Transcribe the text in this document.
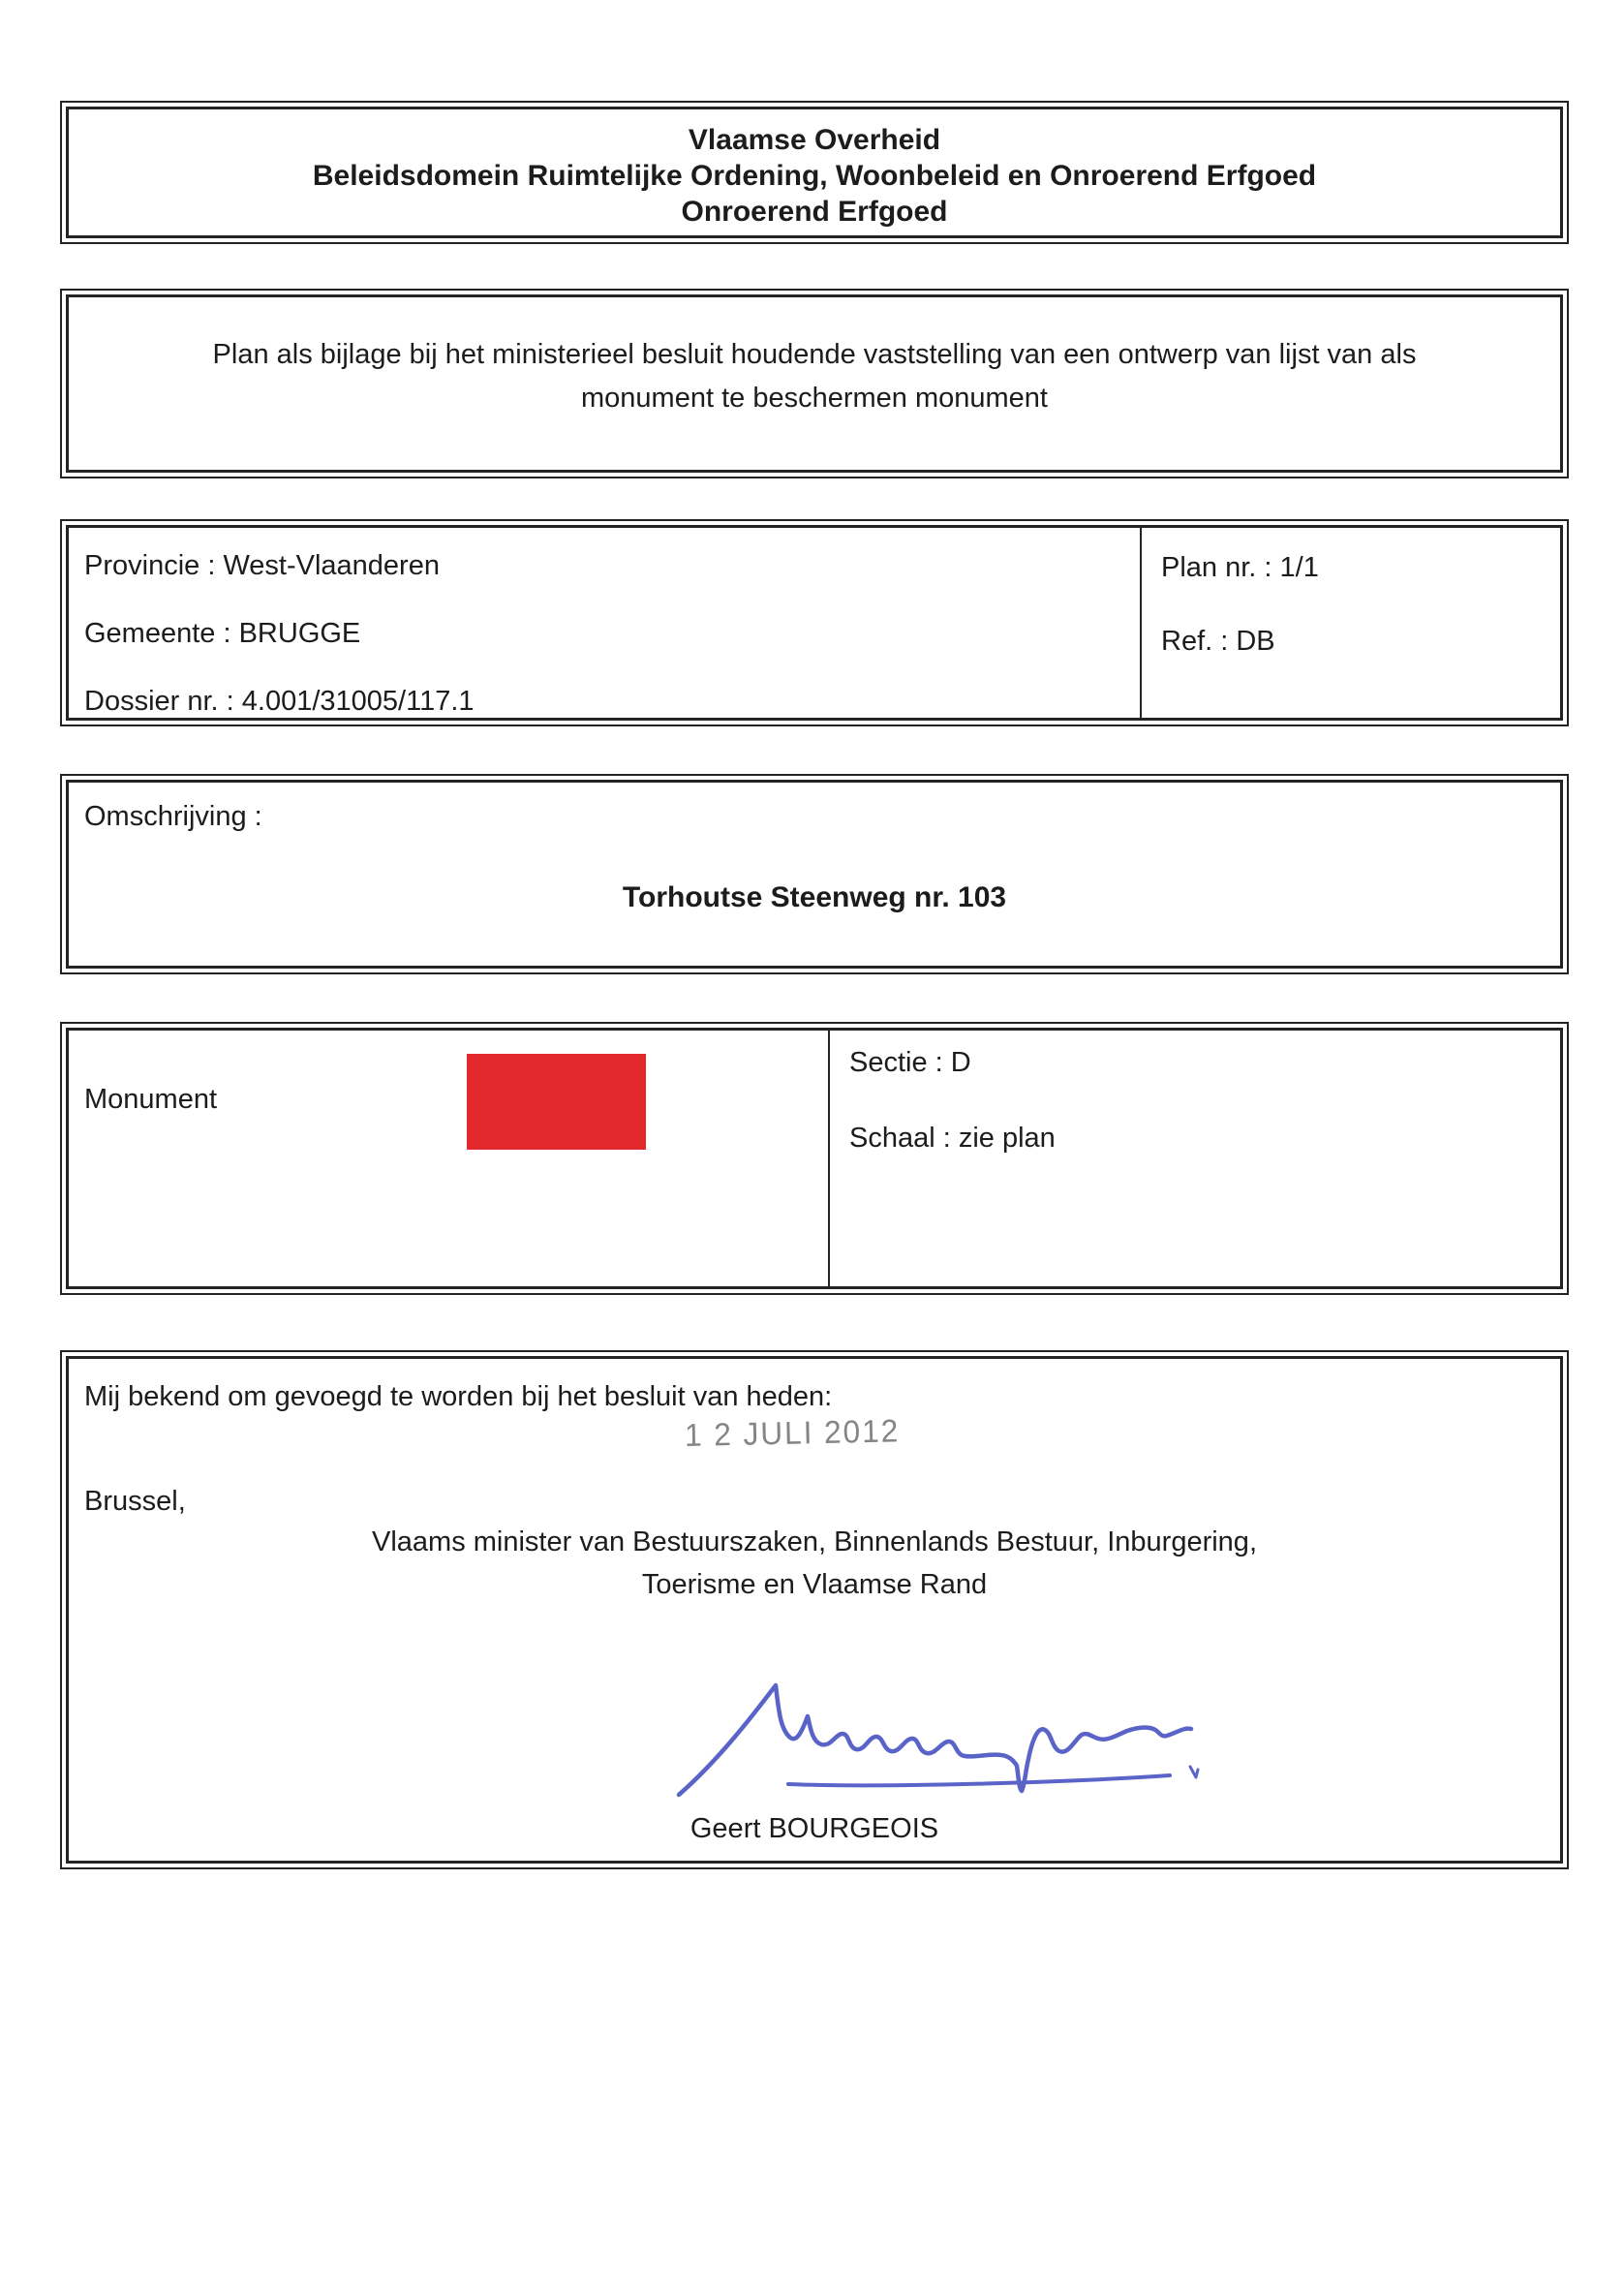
Vlaamse Overheid
Beleidsdomein Ruimtelijke Ordening, Woonbeleid en Onroerend Erfgoed
Onroerend Erfgoed
Plan als bijlage bij het ministerieel besluit houdende vaststelling van een ontwerp van lijst van als
monument te beschermen monument
Provincie : West-Vlaanderen
Gemeente : BRUGGE
Dossier nr. : 4.001/31005/117.1
Plan nr. : 1/1
Ref. : DB
Omschrijving :
Torhoutse Steenweg nr. 103
Monument
Sectie : D
Schaal : zie plan
Mij bekend om gevoegd te worden bij het besluit van heden:
1 2 JULI 2012
Brussel,
Vlaams minister van Bestuurszaken, Binnenlands Bestuur, Inburgering,
Toerisme en Vlaamse Rand
Geert BOURGEOIS
